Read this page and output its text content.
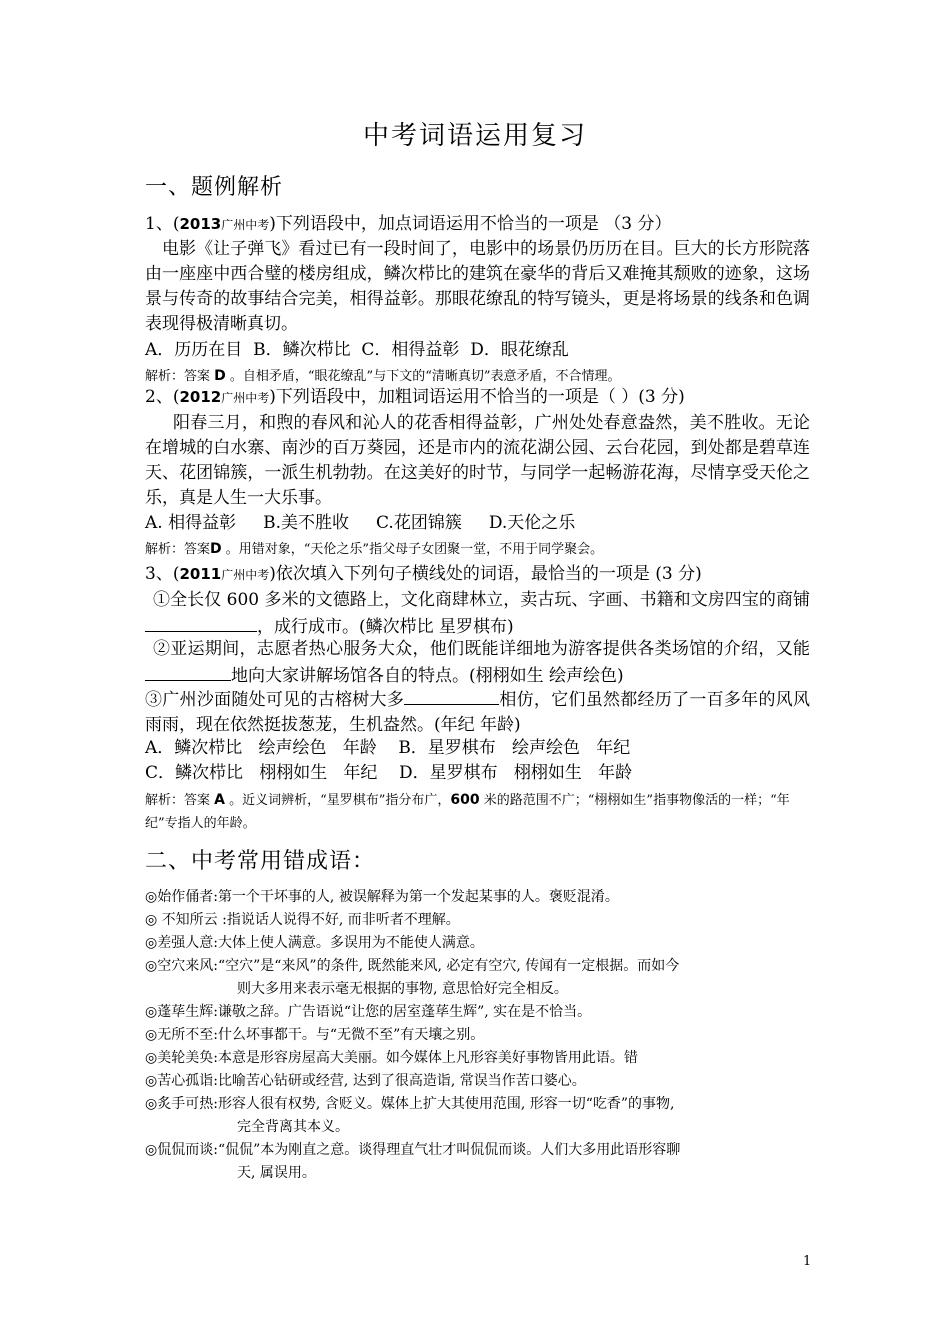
中考词语运用复习
一、题例解析
1、(2013广州中考)下列语段中，加点词语运用不恰当的一项是 （3 分）
电影《让子弹飞》看过已有一段时间了，电影中的场景仍历历在目。巨大的长方形院落由一座座中西合璧的楼房组成，鳞次栉比的建筑在豪华的背后又难掩其颓败的迹象，这场景与传奇的故事结合完美，相得益彰。那眼花缭乱的特写镜头，更是将场景的线条和色调表现得极清晰真切。
A．历历在目  B．鳞次栉比  C．相得益彰  D．眼花缭乱
解析：答案 D 。自相矛盾，“眼花缭乱”与下文的“清晰真切”表意矛盾，不合情理。
2、(2012广州中考)下列语段中，加粗词语运用不恰当的一项是（ ）(3 分)
阳春三月，和煦的春风和沁人的花香相得益彰，广州处处春意盎然，美不胜收。无论在增城的白水寨、南沙的百万葵园，还是市内的流花湖公园、云台花园，到处都是碧草连天、花团锦簇，一派生机勃勃。在这美好的时节，与同学一起畅游花海，尽情享受天伦之乐，真是人生一大乐事。
A. 相得益彰     B.美不胜收     C.花团锦簇     D.天伦之乐
解析：答案D 。用错对象，“天伦之乐”指父母子女团聚一堂，不用于同学聚会。
3、(2011广州中考)依次填入下列句子横线处的词语，最恰当的一项是 (3 分)
①全长仅 600 多米的文德路上，文化商肆林立，卖古玩、字画、书籍和文房四宝的商铺，成行成市。(鳞次栉比 星罗棋布)
②亚运期间，志愿者热心服务大众，他们既能详细地为游客提供各类场馆的介绍，又能地向大家讲解场馆各自的特点。(栩栩如生 绘声绘色)
③广州沙面随处可见的古榕树大多	相仿，它们虽然都经历了一百多年的风风雨雨，现在依然挺拔葱茏，生机盎然。(年纪 年龄)
A．鳞次栉比   绘声绘色   年龄    B．星罗棋布   绘声绘色   年纪
C．鳞次栉比   栩栩如生   年纪    D．星罗棋布   栩栩如生   年龄
解析：答案 A 。近义词辨析，“星罗棋布”指分布广，600 米的路范围不广；“栩栩如生”指事物像活的一样；“年纪”专指人的年龄。
二、中考常用错成语：
◎始作俑者:第一个干坏事的人, 被误解释为第一个发起某事的人。褒贬混淆。
◎ 不知所云 :指说话人说得不好, 而非听者不理解。
◎差强人意:大体上使人满意。多误用为不能使人满意。
◎空穴来风:“空穴”是“来风”的条件, 既然能来风, 必定有空穴, 传闻有一定根据。而如今
则大多用来表示毫无根据的事物, 意思恰好完全相反。
◎蓬荜生辉:谦敬之辞。广告语说“让您的居室蓬荜生辉”, 实在是不恰当。
◎无所不至:什么坏事都干。与“无微不至”有天壤之别。
◎美轮美奂:本意是形容房屋高大美丽。如今媒体上凡形容美好事物皆用此语。错
◎苦心孤诣:比喻苦心钻研或经营, 达到了很高造诣, 常误当作苦口婆心。
◎炙手可热:形容人很有权势, 含贬义。媒体上扩大其使用范围, 形容一切“吃香”的事物,
完全背离其本义。
◎侃侃而谈:“侃侃”本为刚直之意。谈得理直气壮才叫侃侃而谈。人们大多用此语形容聊
天, 属误用。
1
